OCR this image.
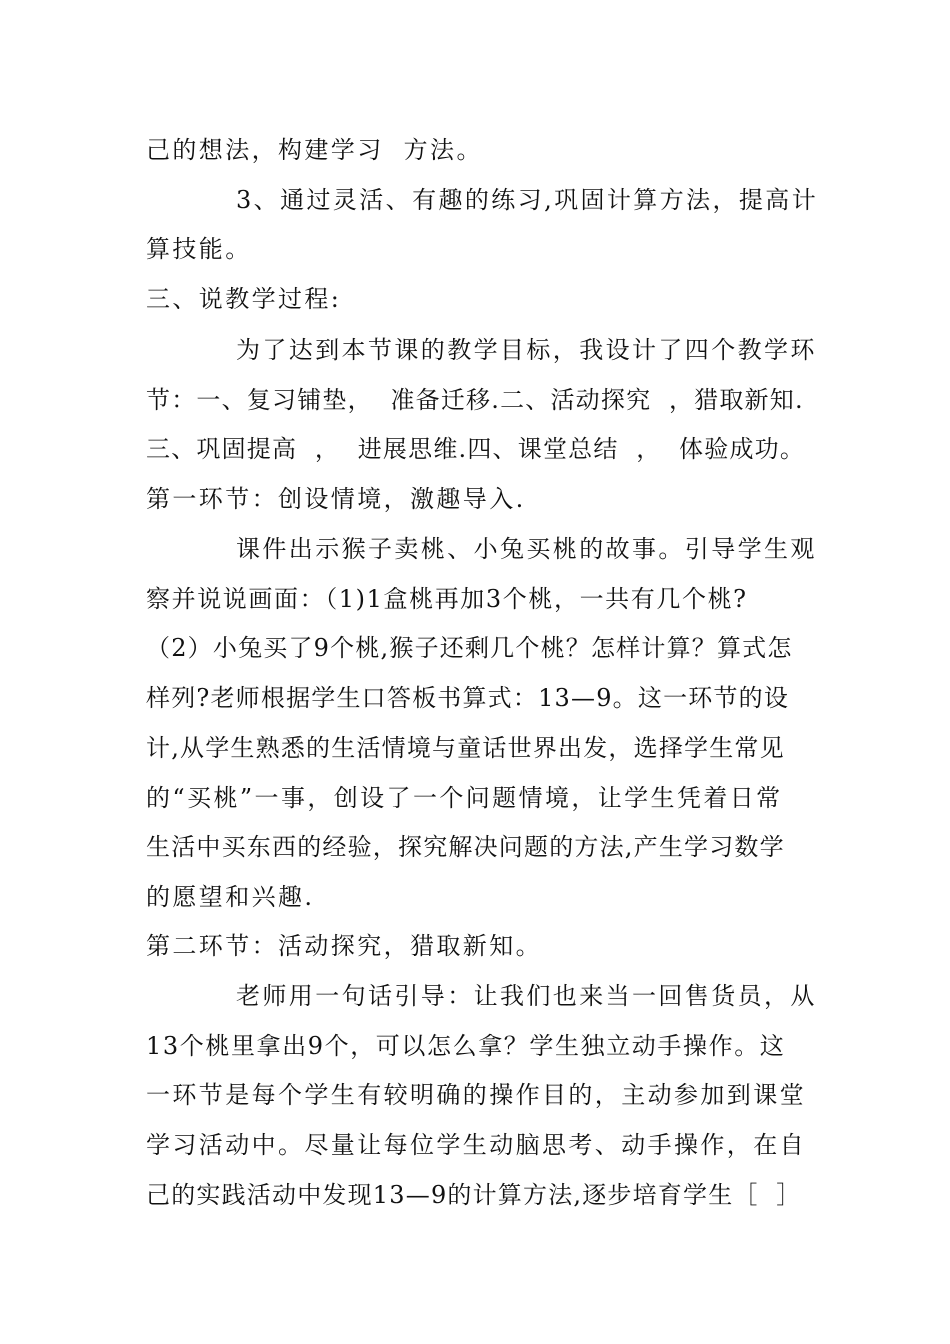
己的想法，构建学习  方法。
3、通过灵活、有趣的练习,巩固计算方法，提高计
算技能。
三、说教学过程:
为了达到本节课的教学目标，我设计了四个教学环
节：一、复习铺垫，  准备迁移.二、活动探究  ，猎取新知.
三、巩固提高  ，  进展思维.四、课堂总结  ，  体验成功。
第一环节：创设情境，激趣导入.
课件出示猴子卖桃、小兔买桃的故事。引导学生观
察并说说画面：（1)1盒桃再加3个桃，一共有几个桃?
（2）小兔买了9个桃,猴子还剩几个桃？怎样计算？算式怎
样列?老师根据学生口答板书算式：13—9。这一环节的设
计,从学生熟悉的生活情境与童话世界出发，选择学生常见
的“买桃”一事，创设了一个问题情境，让学生凭着日常
生活中买东西的经验，探究解决问题的方法,产生学习数学
的愿望和兴趣.
第二环节：活动探究，猎取新知。
老师用一句话引导：让我们也来当一回售货员，从
13个桃里拿出9个，可以怎么拿？学生独立动手操作。这
一环节是每个学生有较明确的操作目的，主动参加到课堂
学习活动中。尽量让每位学生动脑思考、动手操作，在自
己的实践活动中发现13—9的计算方法,逐步培育学生［  ］
